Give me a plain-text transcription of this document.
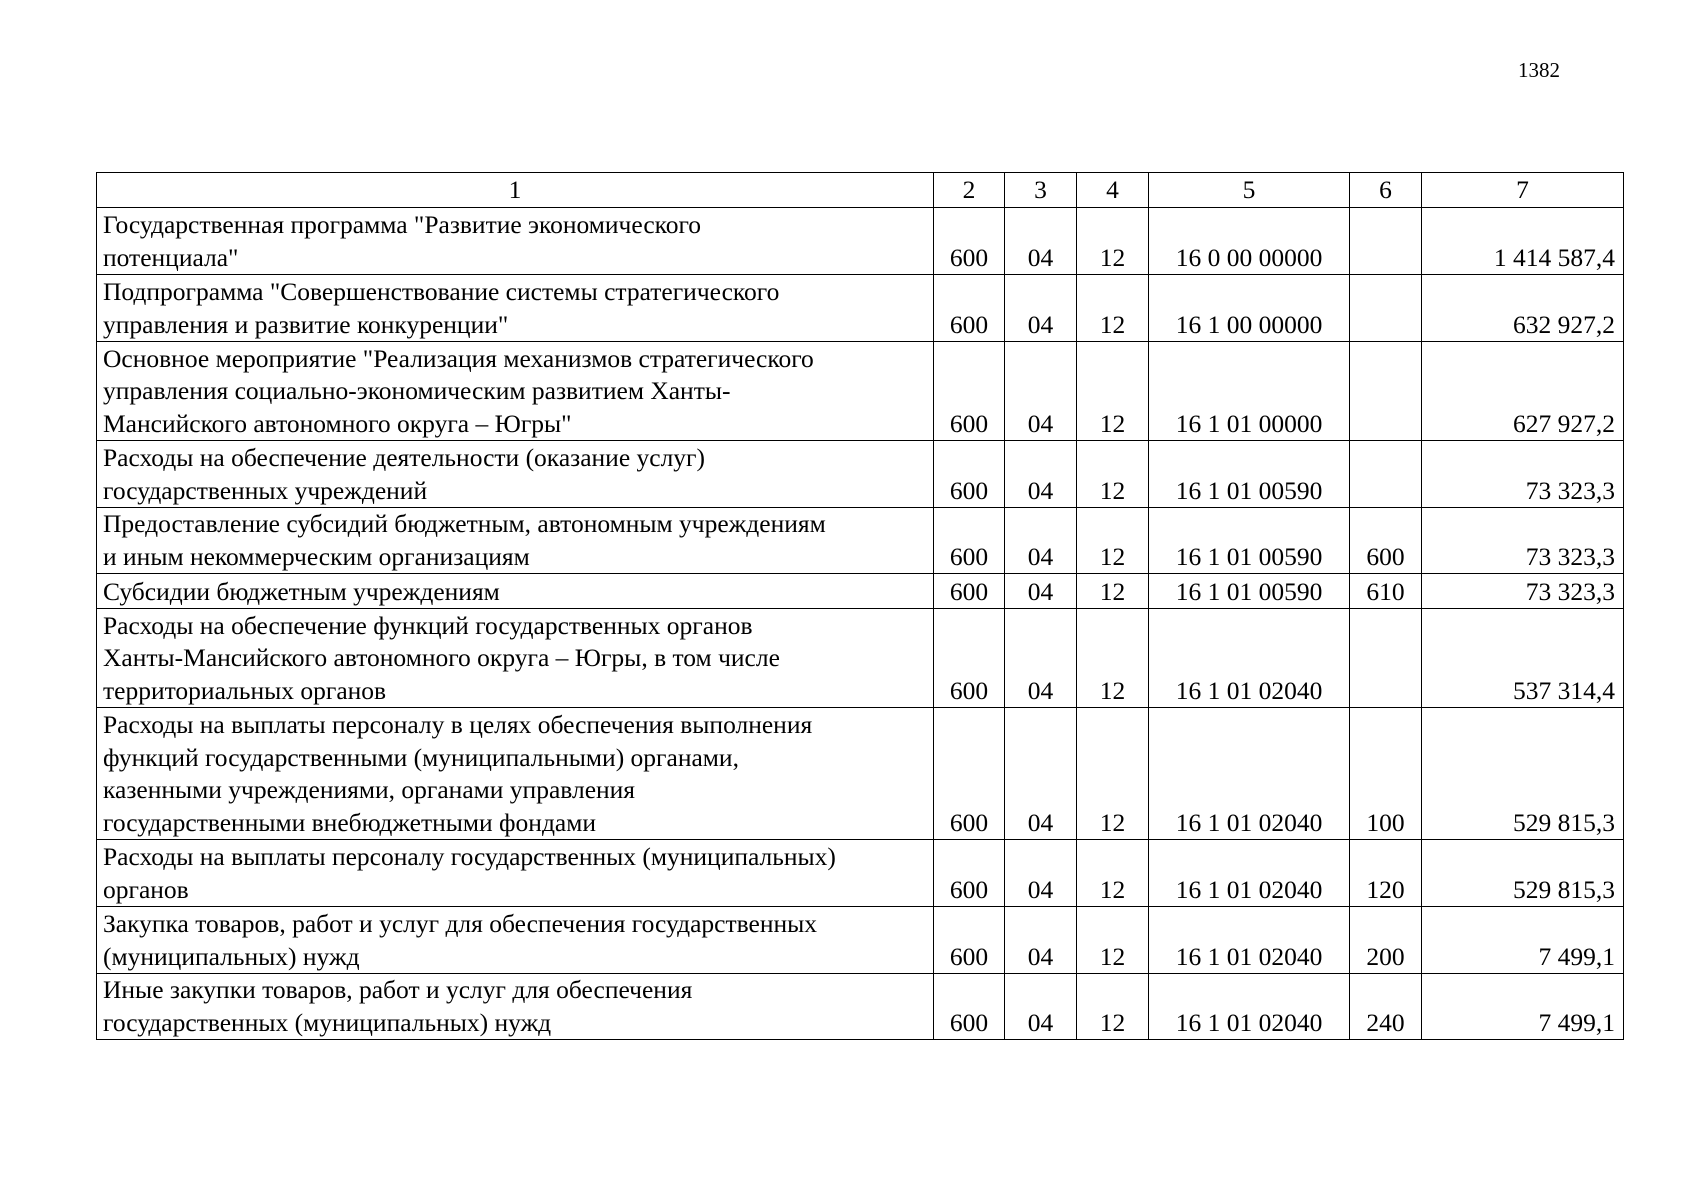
1382
1	2	3	4	5	6	7
Государственная программа "Развитие экономического
потенциала"	600	04	12	16 0 00 00000		1 414 587,4
Подпрограмма "Совершенствование системы стратегического
управления и развитие конкуренции"	600	04	12	16 1 00 00000		632 927,2
Основное мероприятие "Реализация механизмов стратегического
управления социально-экономическим развитием Ханты-
Мансийского автономного округа – Югры"	600	04	12	16 1 01 00000		627 927,2
Расходы на обеспечение деятельности (оказание услуг)
государственных учреждений	600	04	12	16 1 01 00590		73 323,3
Предоставление субсидий бюджетным, автономным учреждениям
и иным некоммерческим организациям	600	04	12	16 1 01 00590	600	73 323,3
Субсидии бюджетным учреждениям	600	04	12	16 1 01 00590	610	73 323,3
Расходы на обеспечение функций государственных органов
Ханты-Мансийского автономного округа – Югры, в том числе
территориальных органов	600	04	12	16 1 01 02040		537 314,4
Расходы на выплаты персоналу в целях обеспечения выполнения
функций государственными (муниципальными) органами,
казенными учреждениями, органами управления
государственными внебюджетными фондами	600	04	12	16 1 01 02040	100	529 815,3
Расходы на выплаты персоналу государственных (муниципальных)
органов	600	04	12	16 1 01 02040	120	529 815,3
Закупка товаров, работ и услуг для обеспечения государственных
(муниципальных) нужд	600	04	12	16 1 01 02040	200	7 499,1
Иные закупки товаров, работ и услуг для обеспечения
государственных (муниципальных) нужд	600	04	12	16 1 01 02040	240	7 499,1
